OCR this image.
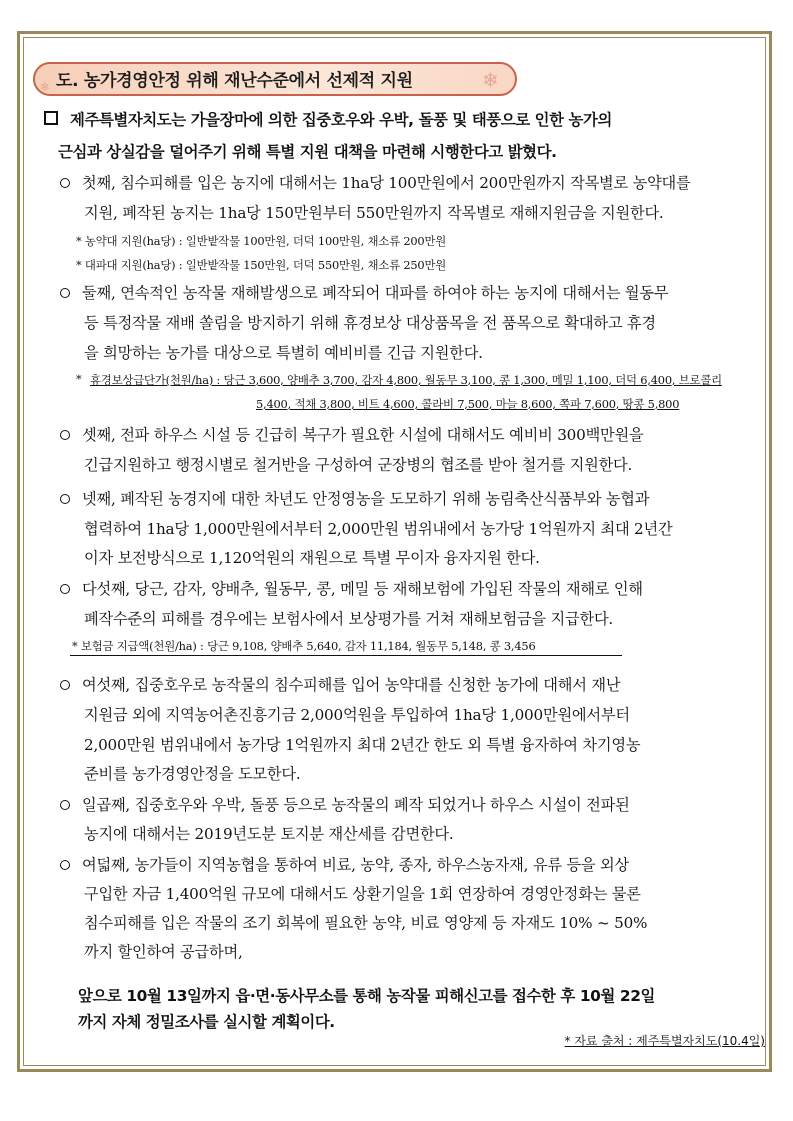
❄	❄
도. 농가경영안정 위해 재난수준에서 선제적 지원
제주특별자치도는 가을장마에 의한 집중호우와 우박, 돌풍 및 태풍으로 인한 농가의
근심과 상실감을 덜어주기 위해 특별 지원 대책을 마련해 시행한다고 밝혔다.
첫째, 침수피해를 입은 농지에 대해서는 1ha당 100만원에서 200만원까지 작목별로 농약대를
지원, 폐작된 농지는 1ha당 150만원부터 550만원까지 작목별로 재해지원금을 지원한다.
* 농약대 지원(ha당) : 일반밭작물 100만원, 더덕 100만원, 채소류 200만원
* 대파대 지원(ha당) : 일반밭작물 150만원, 더덕 550만원, 채소류 250만원
둘째, 연속적인 농작물 재해발생으로 폐작되어 대파를 하여야 하는 농지에 대해서는 월동무
등 특정작물 재배 쏠림을 방지하기 위해 휴경보상 대상품목을 전 품목으로 확대하고 휴경
을 희망하는 농가를 대상으로 특별히 예비비를 긴급 지원한다.
* 휴경보상급단가(천원/ha) : 당근 3,600, 양배추 3,700, 감자 4,800, 월동무 3,100, 콩 1,300, 메밀 1,100, 더덕 6,400, 브로콜리
5,400, 적채 3,800, 비트 4,600, 콜라비 7,500, 마늘 8,600, 쪽파 7,600, 땅콩 5,800
셋째, 전파 하우스 시설 등 긴급히 복구가 필요한 시설에 대해서도 예비비 300백만원을
긴급지원하고 행정시별로 철거반을 구성하여 군장병의 협조를 받아 철거를 지원한다.
넷째, 폐작된 농경지에 대한 차년도 안정영농을 도모하기 위해 농림축산식품부와 농협과
협력하여 1ha당 1,000만원에서부터 2,000만원 범위내에서 농가당 1억원까지 최대 2년간
이자 보전방식으로 1,120억원의 재원으로 특별 무이자 융자지원 한다.
다섯째, 당근, 감자, 양배추, 월동무, 콩, 메밀 등 재해보험에 가입된 작물의 재해로 인해
폐작수준의 피해를 경우에는 보험사에서 보상평가를 거쳐 재해보험금을 지급한다.
* 보험금 지급액(천원/ha) : 당근 9,108, 양배추 5,640, 감자 11,184, 월동무 5,148, 콩 3,456
여섯째, 집중호우로 농작물의 침수피해를 입어 농약대를 신청한 농가에 대해서 재난
지원금 외에 지역농어촌진흥기금 2,000억원을 투입하여 1ha당 1,000만원에서부터
2,000만원 범위내에서 농가당 1억원까지 최대 2년간 한도 외 특별 융자하여 차기영농
준비를 농가경영안정을 도모한다.
일곱째, 집중호우와 우박, 돌풍 등으로 농작물의 폐작 되었거나 하우스 시설이 전파된
농지에 대해서는 2019년도분 토지분 재산세를 감면한다.
여덟째, 농가들이 지역농협을 통하여 비료, 농약, 종자, 하우스농자재, 유류 등을 외상
구입한 자금 1,400억원 규모에 대해서도 상환기일을 1회 연장하여 경영안정화는 물론
침수피해를 입은 작물의 조기 회복에 필요한 농약, 비료 영양제 등 자재도 10% ~ 50%
까지 할인하여 공급하며,
앞으로 10월 13일까지 읍·면·동사무소를 통해 농작물 피해신고를 접수한 후 10월 22일
까지 자체 정밀조사를 실시할 계획이다.
* 자료 출처 : 제주특별자치도(10.4일)
